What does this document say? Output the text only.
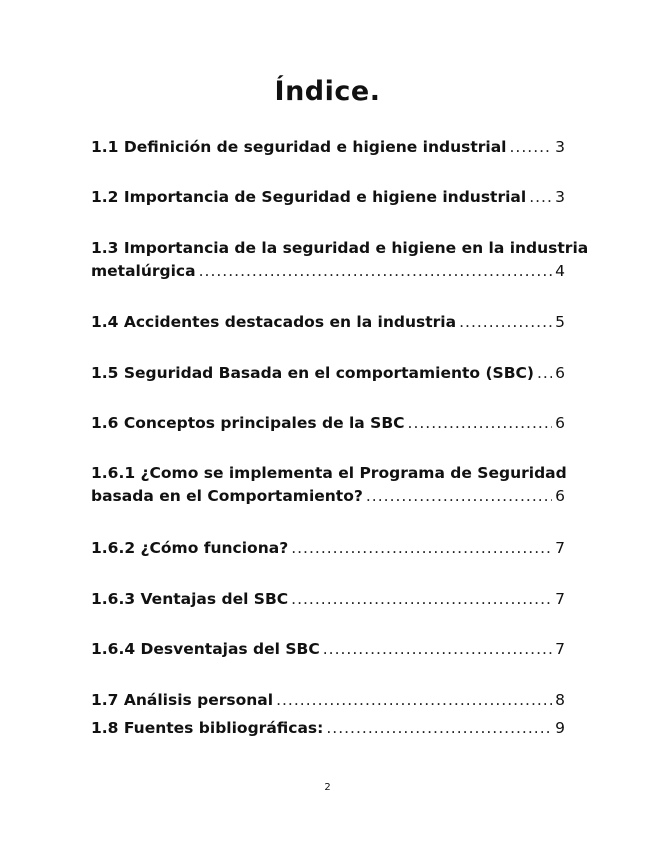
Índice.
1.1 Definición de seguridad e higiene industrial .....	3
1.2 Importancia de Seguridad e higiene industrial ..... 3
1.3 Importancia de la seguridad e higiene en la industria
metalúrgica .....	4
1.4 Accidentes destacados en la industria .....	5
1.5 Seguridad Basada en el comportamiento (SBC) ..... 6
1.6 Conceptos principales de la SBC .....	6
1.6.1 ¿Como se implementa el Programa de Seguridad
basada en el Comportamiento? .....	6
1.6.2 ¿Cómo funciona? .....	7
1.6.3 Ventajas del SBC .....	7
1.6.4 Desventajas del SBC .....	7
1.7 Análisis personal .....	8
1.8 Fuentes bibliográficas: .....	9
2
